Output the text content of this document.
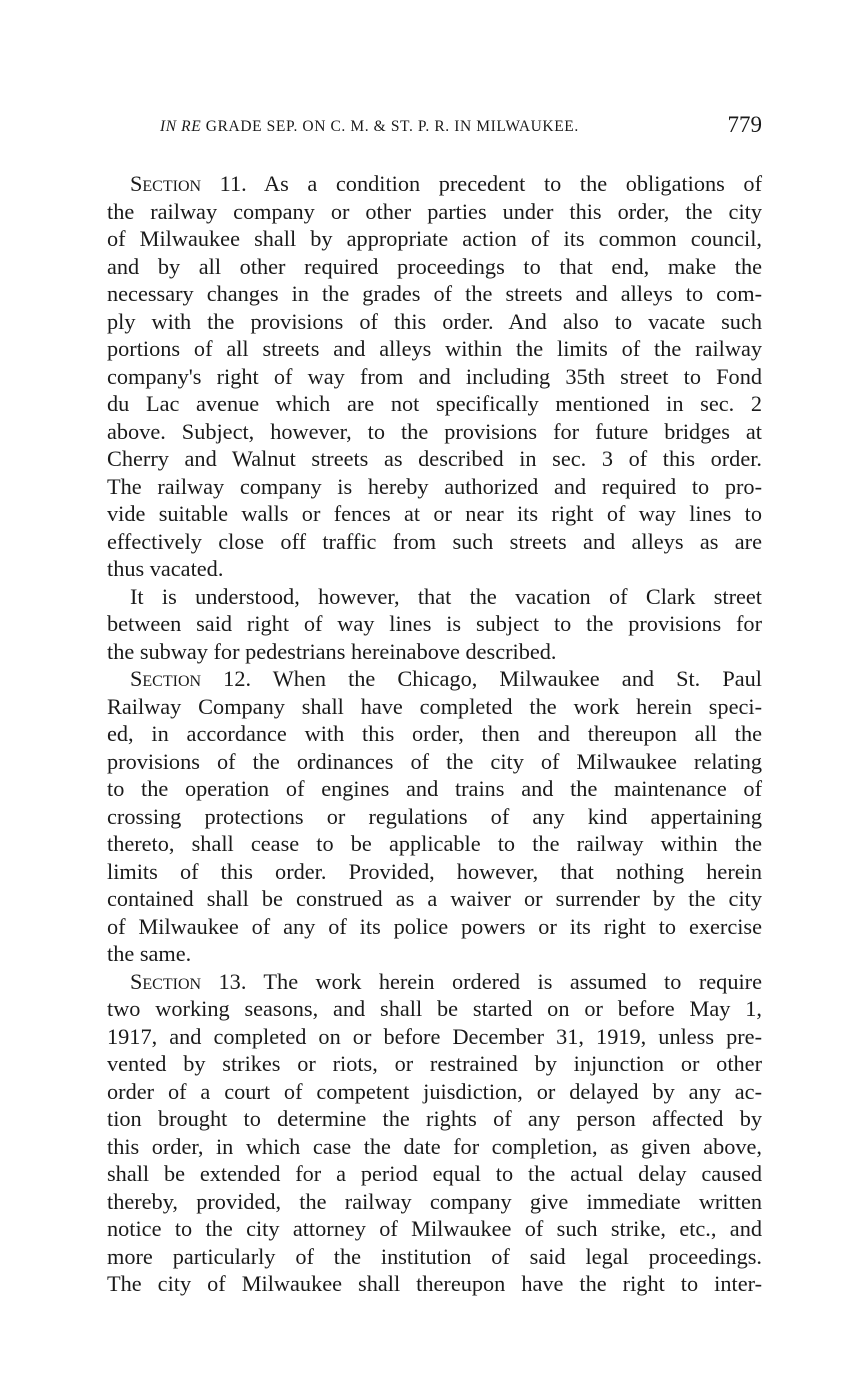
IN RE GRADE SEP. ON C. M. & ST. P. R. IN MILWAUKEE.	779
Section 11. As a condition precedent to the obligations of
the railway company or other parties under this order, the city
of Milwaukee shall by appropriate action of its common council,
and by all other required proceedings to that end, make the
necessary changes in the grades of the streets and alleys to com-
ply with the provisions of this order. And also to vacate such
portions of all streets and alleys within the limits of the railway
company's right of way from and including 35th street to Fond
du Lac avenue which are not specifically mentioned in sec. 2
above. Subject, however, to the provisions for future bridges at
Cherry and Walnut streets as described in sec. 3 of this order.
The railway company is hereby authorized and required to pro-
vide suitable walls or fences at or near its right of way lines to
effectively close off traffic from such streets and alleys as are
thus vacated.
It is understood, however, that the vacation of Clark street
between said right of way lines is subject to the provisions for
the subway for pedestrians hereinabove described.
Section 12. When the Chicago, Milwaukee and St. Paul
Railway Company shall have completed the work herein speci-
ed, in accordance with this order, then and thereupon all the
provisions of the ordinances of the city of Milwaukee relating
to the operation of engines and trains and the maintenance of
crossing protections or regulations of any kind appertaining
thereto, shall cease to be applicable to the railway within the
limits of this order. Provided, however, that nothing herein
contained shall be construed as a waiver or surrender by the city
of Milwaukee of any of its police powers or its right to exercise
the same.
Section 13. The work herein ordered is assumed to require
two working seasons, and shall be started on or before May 1,
1917, and completed on or before December 31, 1919, unless pre-
vented by strikes or riots, or restrained by injunction or other
order of a court of competent juisdiction, or delayed by any ac-
tion brought to determine the rights of any person affected by
this order, in which case the date for completion, as given above,
shall be extended for a period equal to the actual delay caused
thereby, provided, the railway company give immediate written
notice to the city attorney of Milwaukee of such strike, etc., and
more particularly of the institution of said legal proceedings.
The city of Milwaukee shall thereupon have the right to inter-
